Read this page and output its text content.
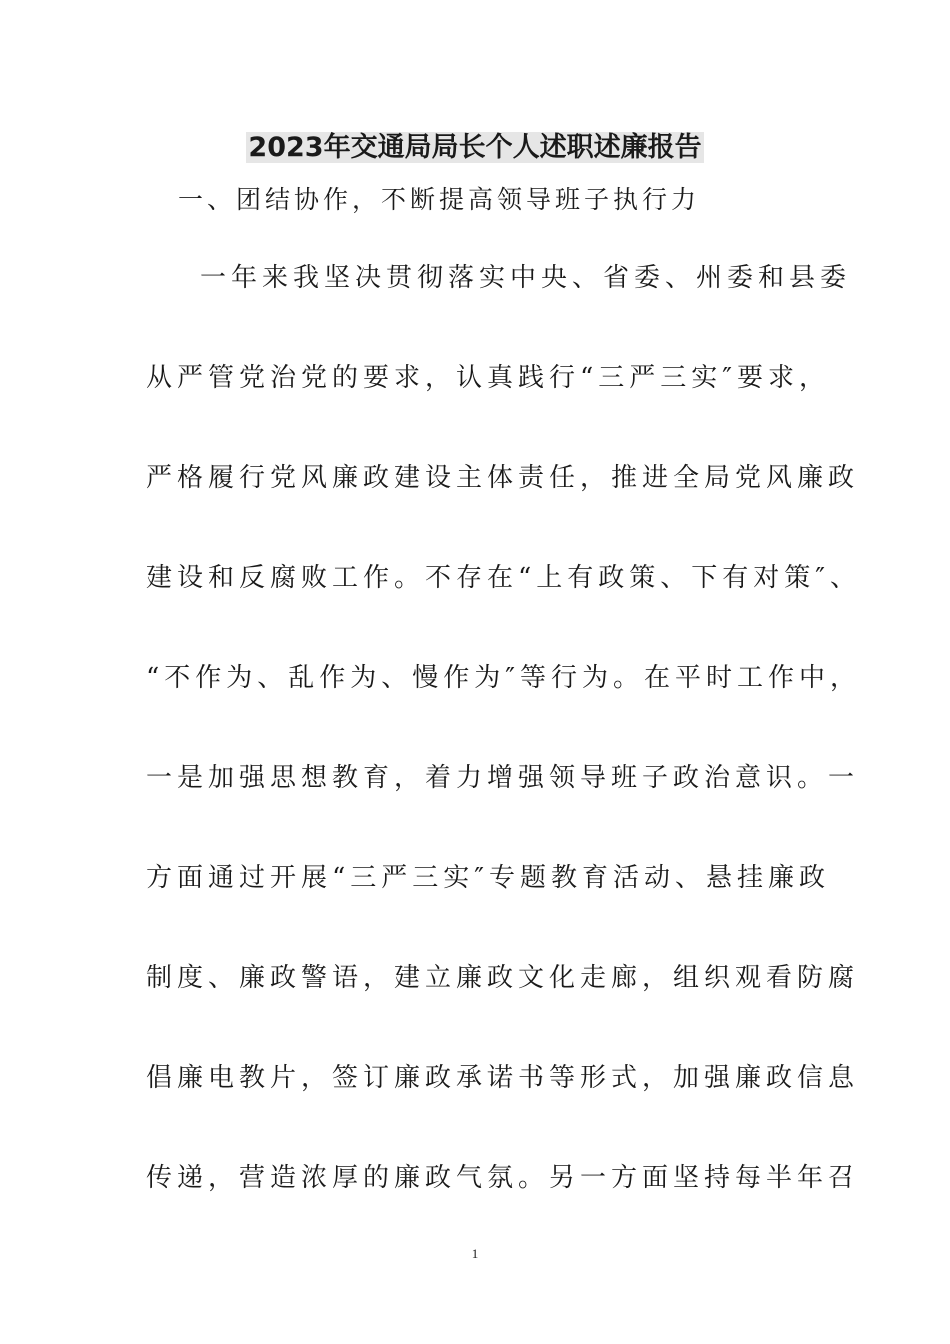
2023年交通局局长个人述职述廉报告
一、团结协作，不断提高领导班子执行力
一年来我坚决贯彻落实中央、省委、州委和县委
从严管党治党的要求，认真践行“三严三实″要求，
严格履行党风廉政建设主体责任，推进全局党风廉政
建设和反腐败工作。不存在“上有政策、下有对策″、
“不作为、乱作为、慢作为″等行为。在平时工作中，
一是加强思想教育，着力增强领导班子政治意识。一
方面通过开展“三严三实″专题教育活动、悬挂廉政
制度、廉政警语，建立廉政文化走廊，组织观看防腐
倡廉电教片，签订廉政承诺书等形式，加强廉政信息
传递，营造浓厚的廉政气氛。另一方面坚持每半年召
1
